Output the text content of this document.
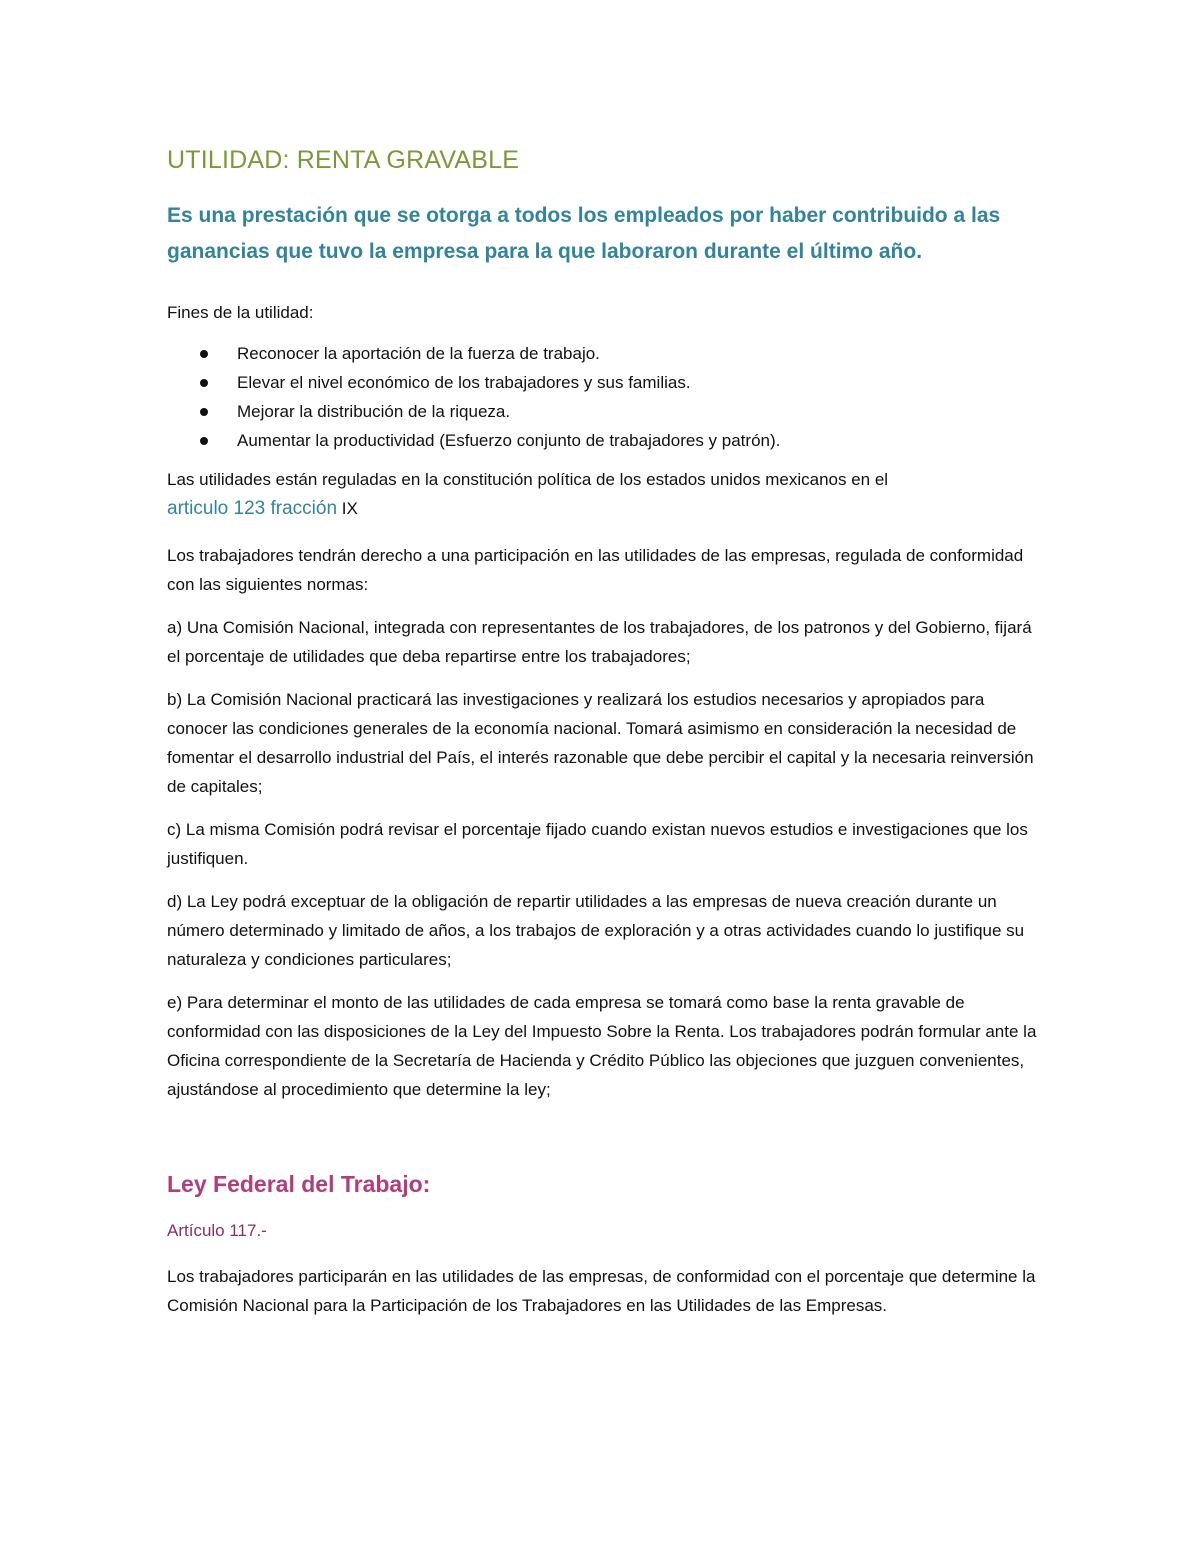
UTILIDAD: RENTA GRAVABLE
Es una prestación que se otorga a todos los empleados por haber contribuido a las ganancias que tuvo la empresa para la que laboraron durante el último año.

Fines de la utilidad:

Reconocer la aportación de la fuerza de trabajo.
Elevar el nivel económico de los trabajadores y sus familias.
Mejorar la distribución de la riqueza.
Aumentar la productividad (Esfuerzo conjunto de trabajadores y patrón).

Las utilidades están reguladas en la constitución política de los estados unidos mexicanos en el
articulo 123 fracción IX

Los trabajadores tendrán derecho a una participación en las utilidades de las empresas, regulada de conformidad con las siguientes normas:

a) Una Comisión Nacional, integrada con representantes de los trabajadores, de los patronos y del Gobierno, fijará el porcentaje de utilidades que deba repartirse entre los trabajadores;

b) La Comisión Nacional practicará las investigaciones y realizará los estudios necesarios y apropiados para conocer las condiciones generales de la economía nacional. Tomará asimismo en consideración la necesidad de fomentar el desarrollo industrial del País, el interés razonable que debe percibir el capital y la necesaria reinversión de capitales;

c) La misma Comisión podrá revisar el porcentaje fijado cuando existan nuevos estudios e investigaciones que los justifiquen.

d) La Ley podrá exceptuar de la obligación de repartir utilidades a las empresas de nueva creación durante un número determinado y limitado de años, a los trabajos de exploración y a otras actividades cuando lo justifique su naturaleza y condiciones particulares;

e) Para determinar el monto de las utilidades de cada empresa se tomará como base la renta gravable de conformidad con las disposiciones de la Ley del Impuesto Sobre la Renta. Los trabajadores podrán formular ante la Oficina correspondiente de la Secretaría de Hacienda y Crédito Público las objeciones que juzguen convenientes, ajustándose al procedimiento que determine la ley;

Ley Federal del Trabajo:

Artículo 117.-

Los trabajadores participarán en las utilidades de las empresas, de conformidad con el porcentaje que determine la Comisión Nacional para la Participación de los Trabajadores en las Utilidades de las Empresas.
